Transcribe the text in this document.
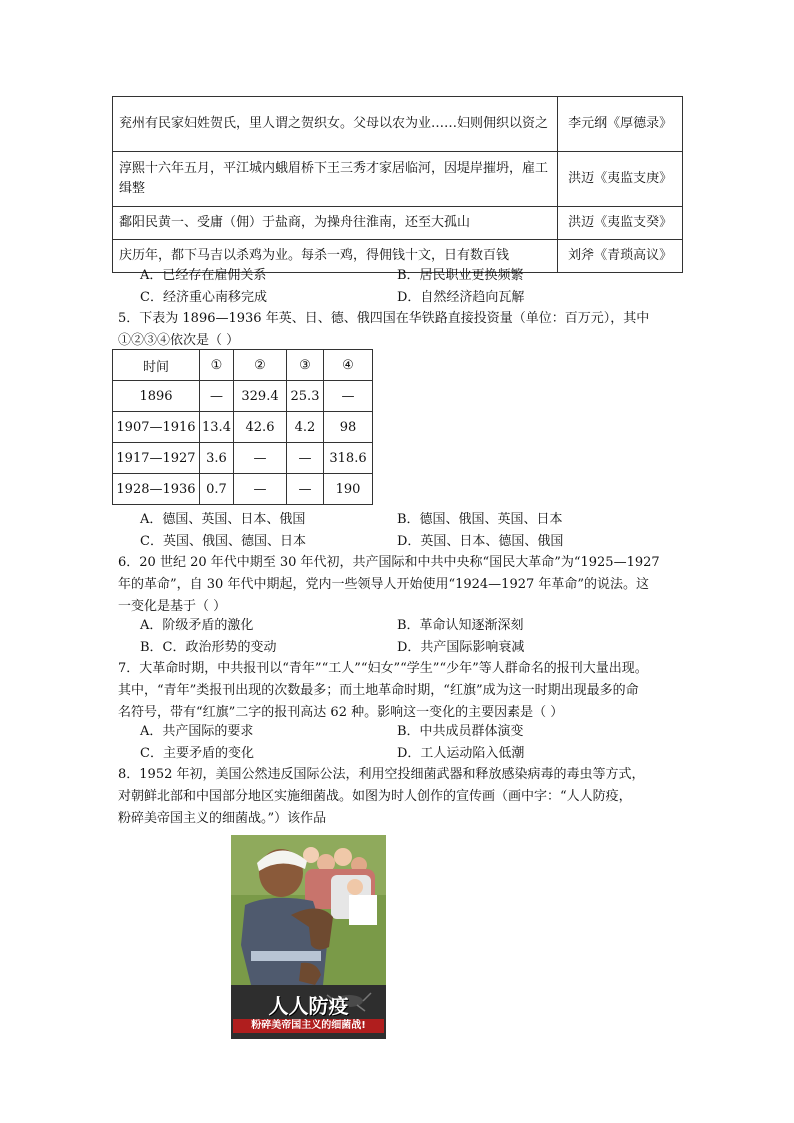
兖州有民家妇姓贺氏，里人谓之贺织女。父母以农为业……妇则佣织以资之	李元纲《厚德录》
淳熙十六年五月，平江城内蛾眉桥下王三秀才家居临河，因堤岸摧坍，雇工缉整	洪迈《夷监支庚》
鄱阳民黄一、受庸（佣）于盐商，为操舟往淮南，还至大孤山	洪迈《夷监支癸》
庆历年，都下马吉以杀鸡为业。每杀一鸡，得佣钱十文，日有数百钱	刘斧《青琐高议》
A．已经存在雇佣关系	B．居民职业更换频繁
C．经济重心南移完成	D．自然经济趋向瓦解

5．下表为 1896—1936 年英、日、德、俄四国在华铁路直接投资量（单位：百万元），其中

①②③④依次是（ ）

时间	①	②	③	④
1896	—	329.4	25.3	—
1907—1916	13.4	42.6	4.2	98
1917—1927	3.6	—	—	318.6
1928—1936	0.7	—	—	190
A．德国、英国、日本、俄国	B．德国、俄国、英国、日本
C．英国、俄国、德国、日本	D．英国、日本、德国、俄国

6．20 世纪 20 年代中期至 30 年代初，共产国际和中共中央称“国民大革命”为“1925—1927

年的革命”，自 30 年代中期起，党内一些领导人开始使用“1924—1927 年革命”的说法。这

一变化是基于（ ）

A．阶级矛盾的激化	B．革命认知逐渐深刻
B．C．政治形势的变动	D．共产国际影响衰减

7．大革命时期，中共报刊以“青年”“工人”“妇女”“学生”“少年”等人群命名的报刊大量出现。

其中，“青年”类报刊出现的次数最多；而土地革命时期，“红旗”成为这一时期出现最多的命

名符号，带有“红旗”二字的报刊高达 62 种。影响这一变化的主要因素是（ ）

A．共产国际的要求	B．中共成员群体演变
C．主要矛盾的变化	D．工人运动陷入低潮

8．1952 年初，美国公然违反国际公法，利用空投细菌武器和释放感染病毒的毒虫等方式，

对朝鲜北部和中国部分地区实施细菌战。如图为时人创作的宣传画（画中字：“人人防疫，

粉碎美帝国主义的细菌战。”）该作品

人人防疫
粉碎美帝国主义的细菌战!
